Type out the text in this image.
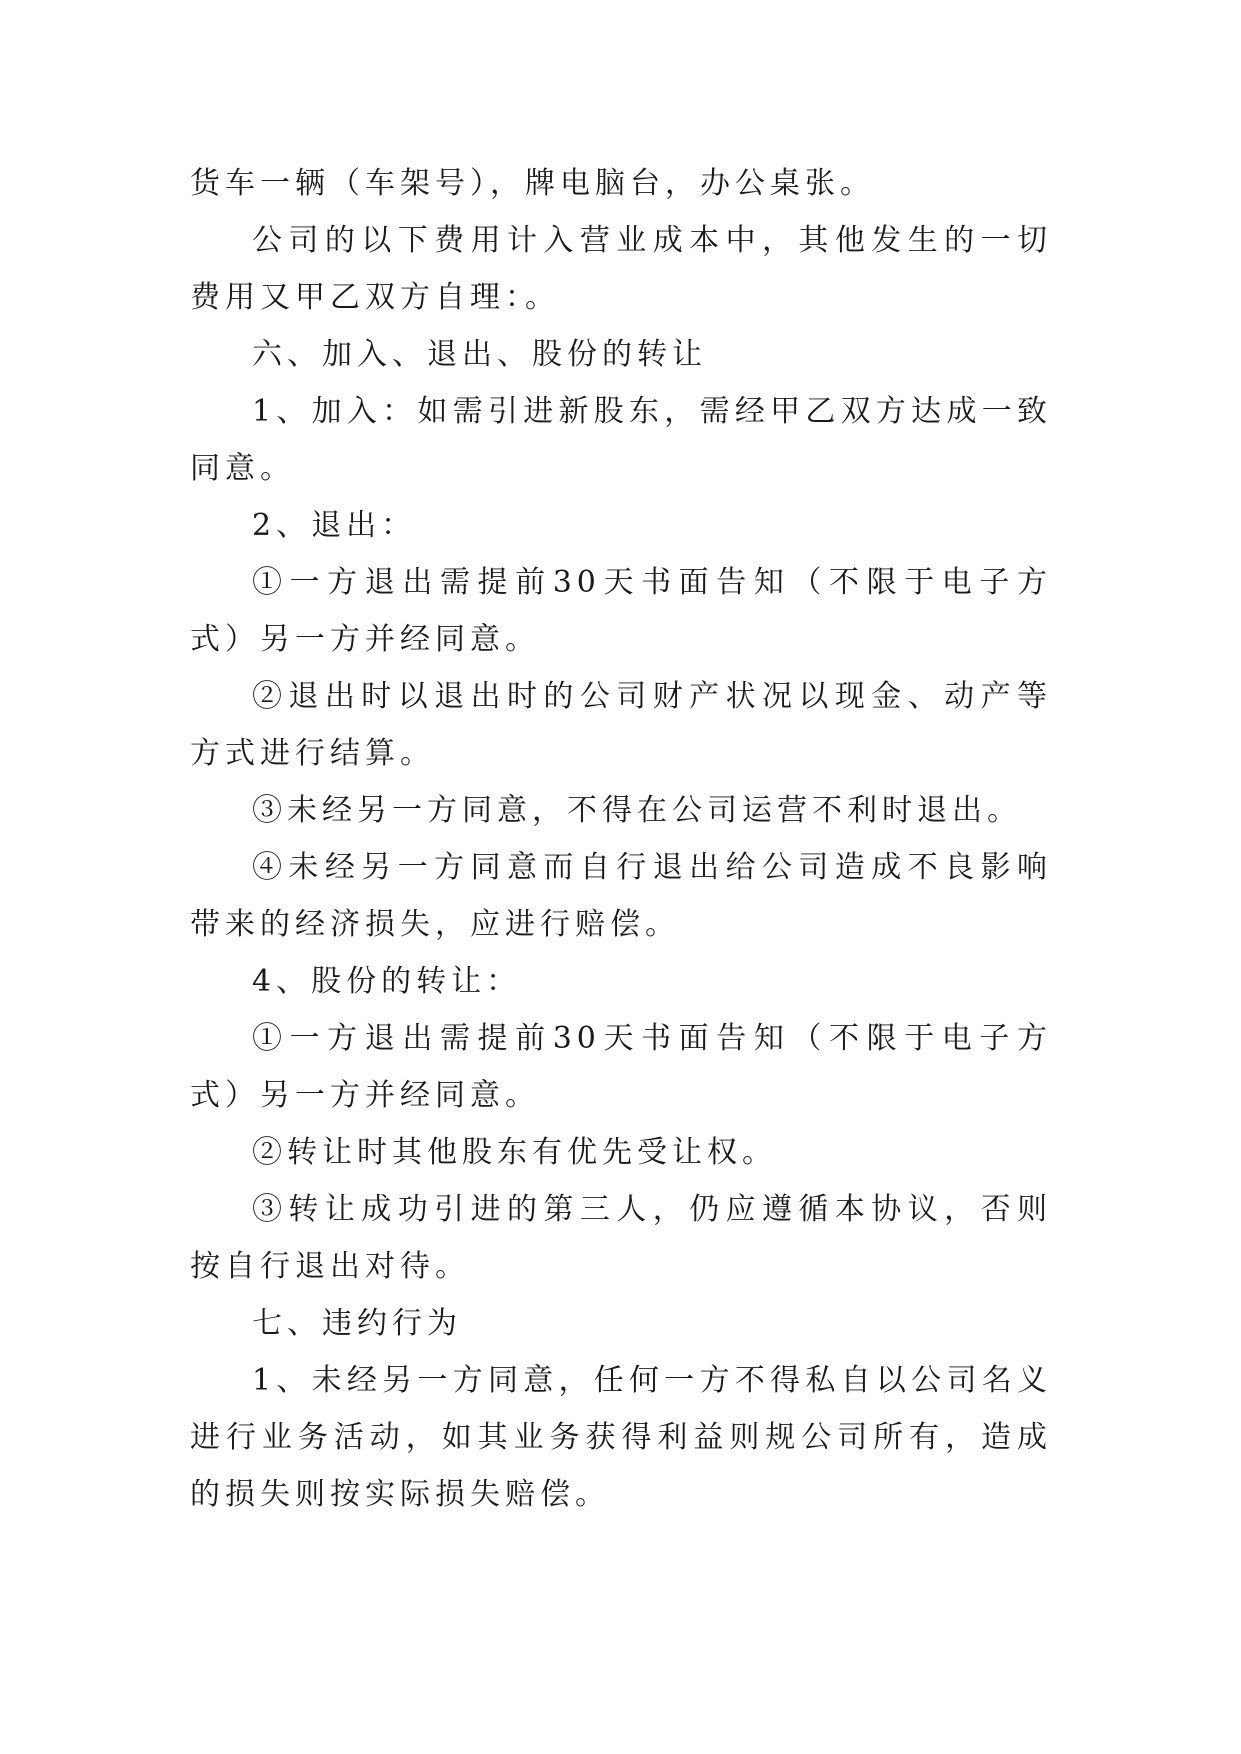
货车一辆（车架号），牌电脑台，办公桌张。

公司的以下费用计入营业成本中，其他发生的一切费用又甲乙双方自理：。

六、加入、退出、股份的转让

1、加入：如需引进新股东，需经甲乙双方达成一致同意。

2、退出：

①一方退出需提前30天书面告知（不限于电子方式）另一方并经同意。

②退出时以退出时的公司财产状况以现金、动产等方式进行结算。

③未经另一方同意，不得在公司运营不利时退出。

④未经另一方同意而自行退出给公司造成不良影响带来的经济损失，应进行赔偿。

4、股份的转让：

①一方退出需提前30天书面告知（不限于电子方式）另一方并经同意。

②转让时其他股东有优先受让权。

③转让成功引进的第三人，仍应遵循本协议，否则按自行退出对待。

七、违约行为

1、未经另一方同意，任何一方不得私自以公司名义进行业务活动，如其业务获得利益则规公司所有，造成的损失则按实际损失赔偿。
